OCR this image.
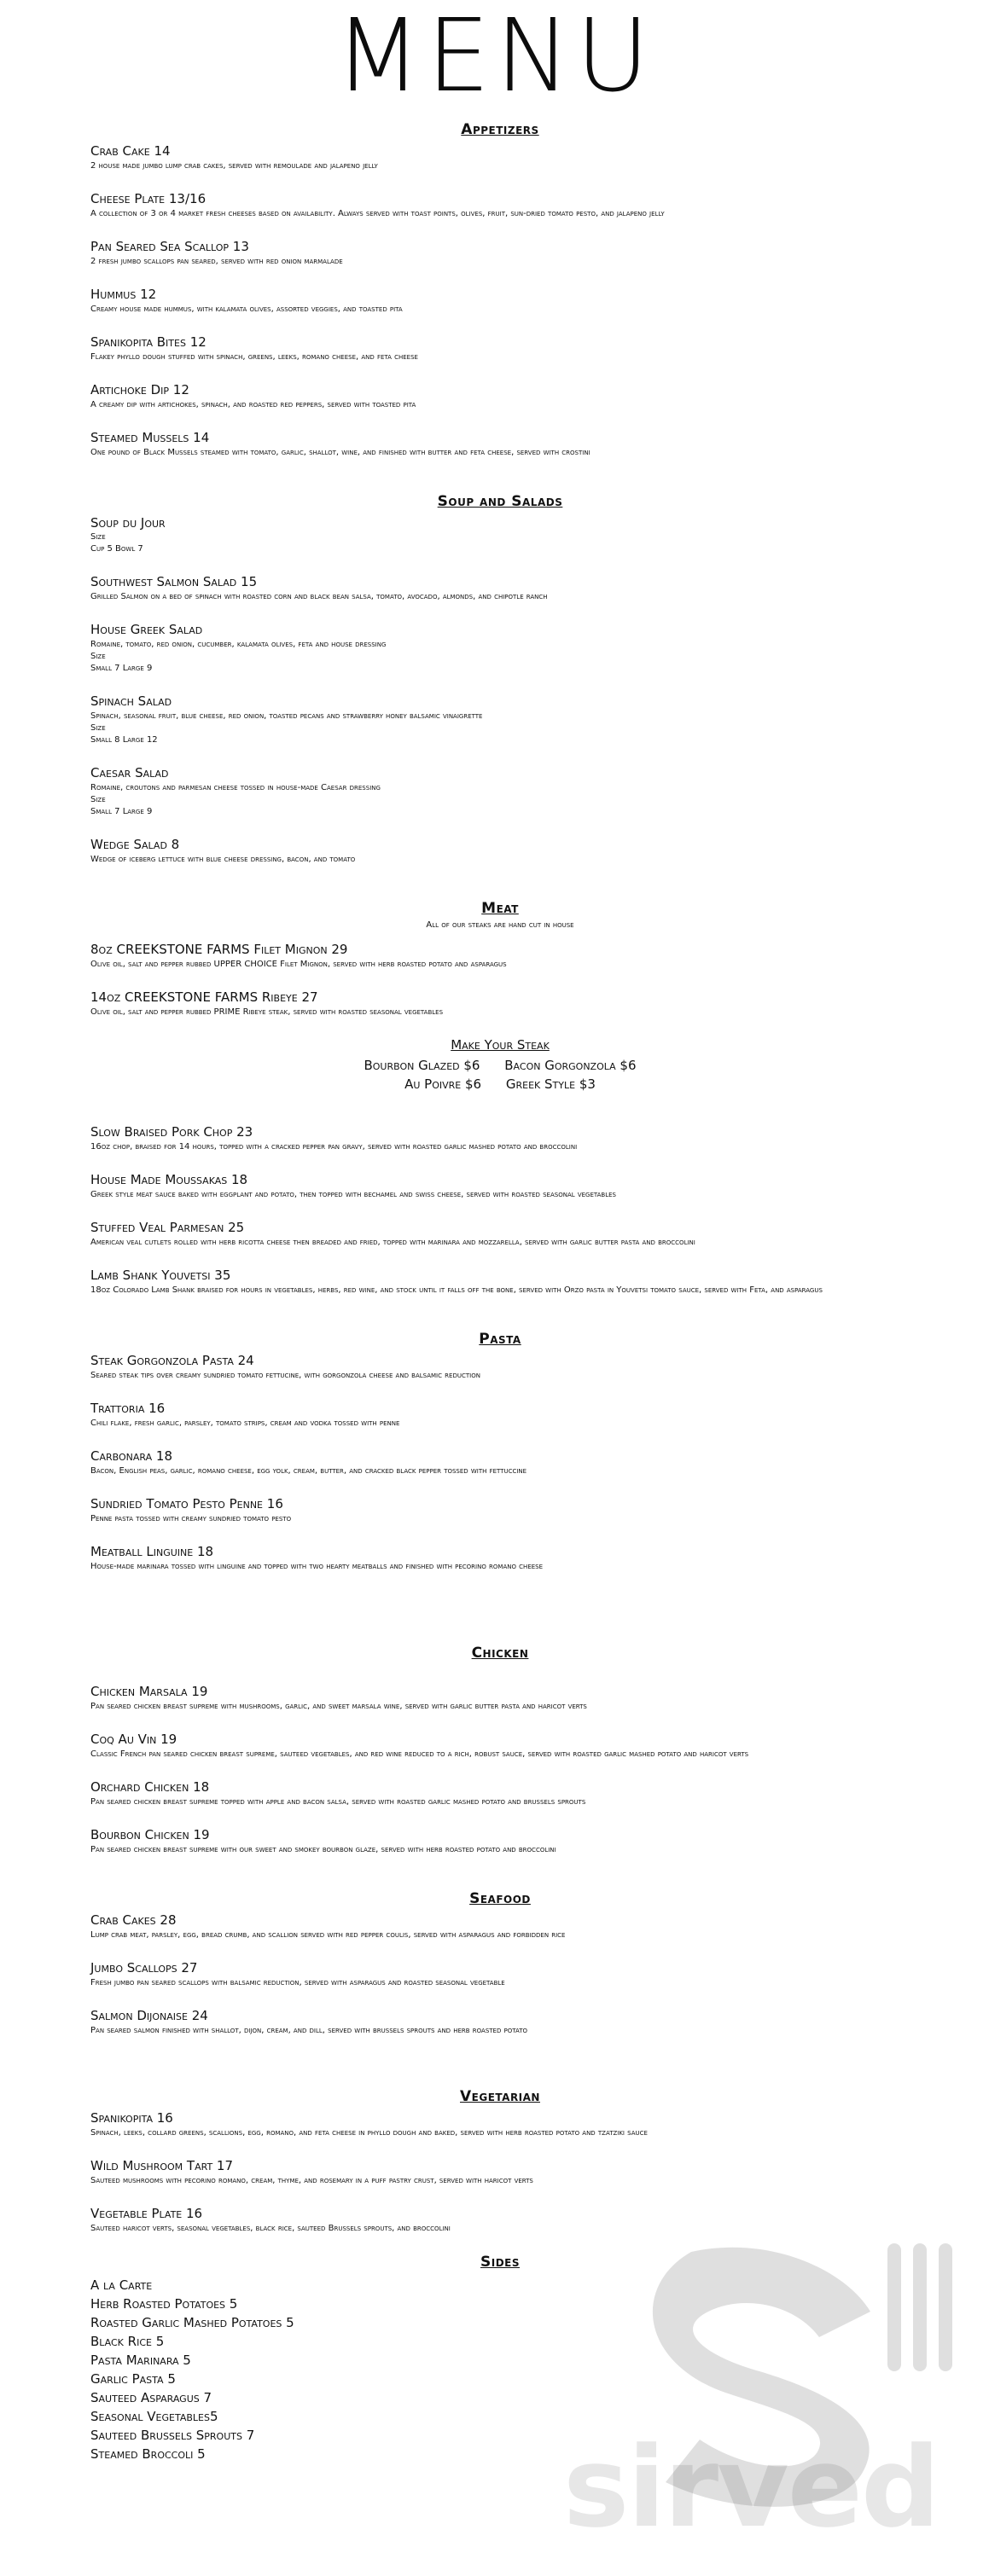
MENU
Appetizers
Crab Cake 14
2 house made jumbo lump crab cakes, served with remoulade and jalapeno jelly
Cheese Plate 13/16
A collection of 3 or 4 market fresh cheeses based on availability. Always served with toast points, olives, fruit, sun-dried tomato pesto, and jalapeno jelly
Pan Seared Sea Scallop 13
2 fresh jumbo scallops pan seared, served with red onion marmalade
Hummus 12
Creamy house made hummus, with kalamata olives, assorted veggies, and toasted pita
Spanikopita Bites 12
Flakey phyllo dough stuffed with spinach, greens, leeks, romano cheese, and feta cheese
Artichoke Dip 12
A creamy dip with artichokes, spinach, and roasted red peppers, served with toasted pita
Steamed Mussels 14
One pound of Black Mussels steamed with tomato, garlic, shallot, wine, and finished with butter and feta cheese, served with crostini
Soup and Salads
Soup du Jour
Size
Cup 5 Bowl 7
Southwest Salmon Salad 15
Grilled Salmon on a bed of spinach with roasted corn and black bean salsa, tomato, avocado, almonds, and chipotle ranch
House Greek Salad
Romaine, tomato, red onion, cucumber, kalamata olives, feta and house dressing
Size
Small 7 Large 9
Spinach Salad
Spinach, seasonal fruit, blue cheese, red onion, toasted pecans and strawberry honey balsamic vinaigrette
Size
Small 8 Large 12
Caesar Salad
Romaine, croutons and parmesan cheese tossed in house-made Caesar dressing
Size
Small 7 Large 9
Wedge Salad 8
Wedge of iceberg lettuce with blue cheese dressing, bacon, and tomato
Meat
All of our steaks are hand cut in house
8oz CREEKSTONE FARMS Filet Mignon 29
Olive oil, salt and pepper rubbed UPPER CHOICE Filet Mignon, served with herb roasted potato and asparagus
14oz CREEKSTONE FARMS Ribeye 27
Olive oil, salt and pepper rubbed PRIME Ribeye steak, served with roasted seasonal vegetables
Make Your Steak
Bourbon Glazed $6 Bacon Gorgonzola $6
Au Poivre $6 Greek Style $3
Slow Braised Pork Chop 23
16oz chop, braised for 14 hours, topped with a cracked pepper pan gravy, served with roasted garlic mashed potato and broccolini
House Made Moussakas 18
Greek style meat sauce baked with eggplant and potato, then topped with bechamel and swiss cheese, served with roasted seasonal vegetables
Stuffed Veal Parmesan 25
American veal cutlets rolled with herb ricotta cheese then breaded and fried, topped with marinara and mozzarella, served with garlic butter pasta and broccolini
Lamb Shank Youvetsi 35
18oz Colorado Lamb Shank braised for hours in vegetables, herbs, red wine, and stock until it falls off the bone, served with Orzo pasta in Youvetsi tomato sauce, served with Feta, and asparagus
Pasta
Steak Gorgonzola Pasta 24
Seared steak tips over creamy sundried tomato fettucine, with gorgonzola cheese and balsamic reduction
Trattoria 16
Chili flake, fresh garlic, parsley, tomato strips, cream and vodka tossed with penne
Carbonara 18
Bacon, English peas, garlic, romano cheese, egg yolk, cream, butter, and cracked black pepper tossed with fettuccine
Sundried Tomato Pesto Penne 16
Penne pasta tossed with creamy sundried tomato pesto
Meatball Linguine 18
House-made marinara tossed with linguine and topped with two hearty meatballs and finished with pecorino romano cheese
Chicken
Chicken Marsala 19
Pan seared chicken breast supreme with mushrooms, garlic, and sweet marsala wine, served with garlic butter pasta and haricot verts
Coq Au Vin 19
Classic French pan seared chicken breast supreme, sauteed vegetables, and red wine reduced to a rich, robust sauce, served with roasted garlic mashed potato and haricot verts
Orchard Chicken 18
Pan seared chicken breast supreme topped with apple and bacon salsa, served with roasted garlic mashed potato and brussels sprouts
Bourbon Chicken 19
Pan seared chicken breast supreme with our sweet and smokey bourbon glaze, served with herb roasted potato and broccolini
Seafood
Crab Cakes 28
Lump crab meat, parsley, egg, bread crumb, and scallion served with red pepper coulis, served with asparagus and forbidden rice
Jumbo Scallops 27
Fresh jumbo pan seared scallops with balsamic reduction, served with asparagus and roasted seasonal vegetable
Salmon Dijonaise 24
Pan seared salmon finished with shallot, dijon, cream, and dill, served with brussels sprouts and herb roasted potato
Vegetarian
Spanikopita 16
Spinach, leeks, collard greens, scallions, egg, romano, and feta cheese in phyllo dough and baked, served with herb roasted potato and tzatziki sauce
Wild Mushroom Tart 17
Sauteed mushrooms with pecorino romano, cream, thyme, and rosemary in a puff pastry crust, served with haricot verts
Vegetable Plate 16
Sauteed haricot verts, seasonal vegetables, black rice, sauteed Brussels sprouts, and broccolini
Sides
A la Carte
Herb Roasted Potatoes 5
Roasted Garlic Mashed Potatoes 5
Black Rice 5
Pasta Marinara 5
Garlic Pasta 5
Sauteed Asparagus 7
Seasonal Vegetables5
Sauteed Brussels Sprouts 7
Steamed Broccoli 5	sirved
